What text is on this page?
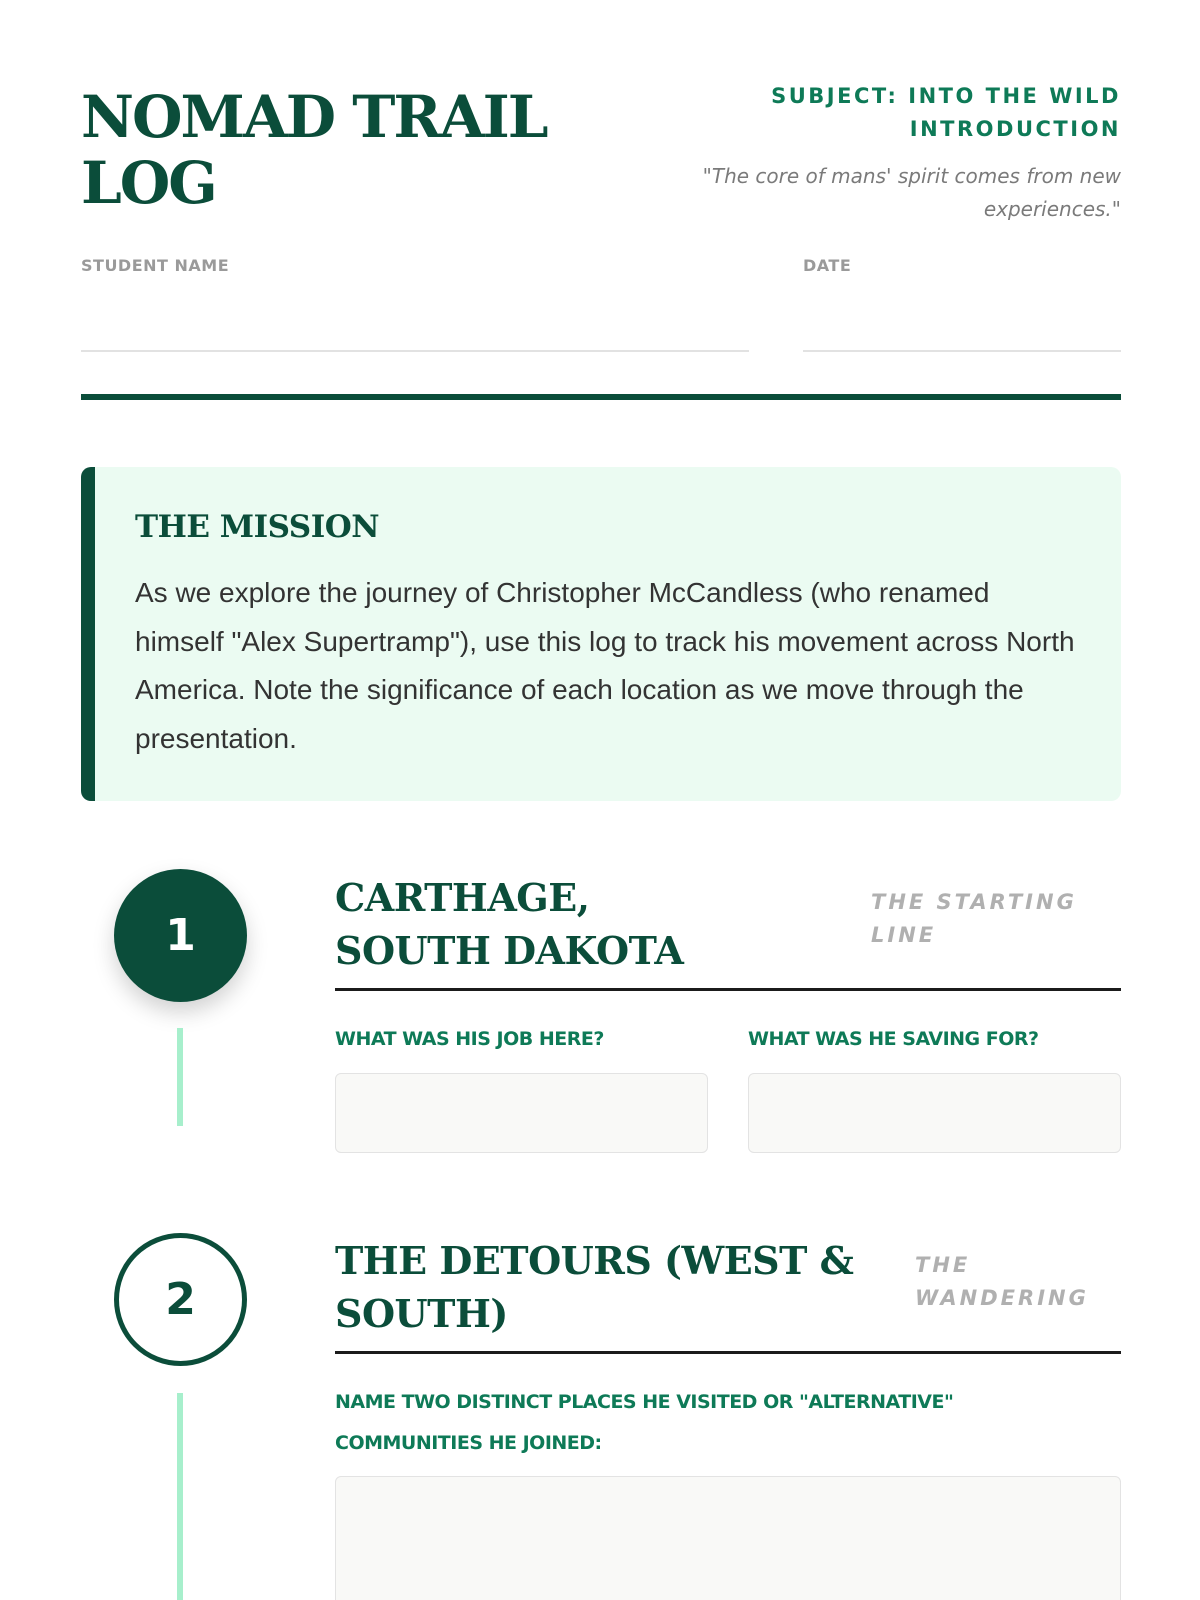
NOMAD TRAIL LOG
SUBJECT: INTO THE WILD INTRODUCTION
"The core of mans' spirit comes from new experiences."
STUDENT NAME	DATE
THE MISSION

As we explore the journey of Christopher McCandless (who renamed himself "Alex Supertramp"), use this log to track his movement across North America. Note the significance of each location as we move through the presentation.

1
CARTHAGE, SOUTH DAKOTA
THE STARTING LINE
WHAT WAS HIS JOB HERE?	WHAT WAS HE SAVING FOR?
2
THE DETOURS (WEST & SOUTH)
THE WANDERING
NAME TWO DISTINCT PLACES HE VISITED OR "ALTERNATIVE" COMMUNITIES HE JOINED:
